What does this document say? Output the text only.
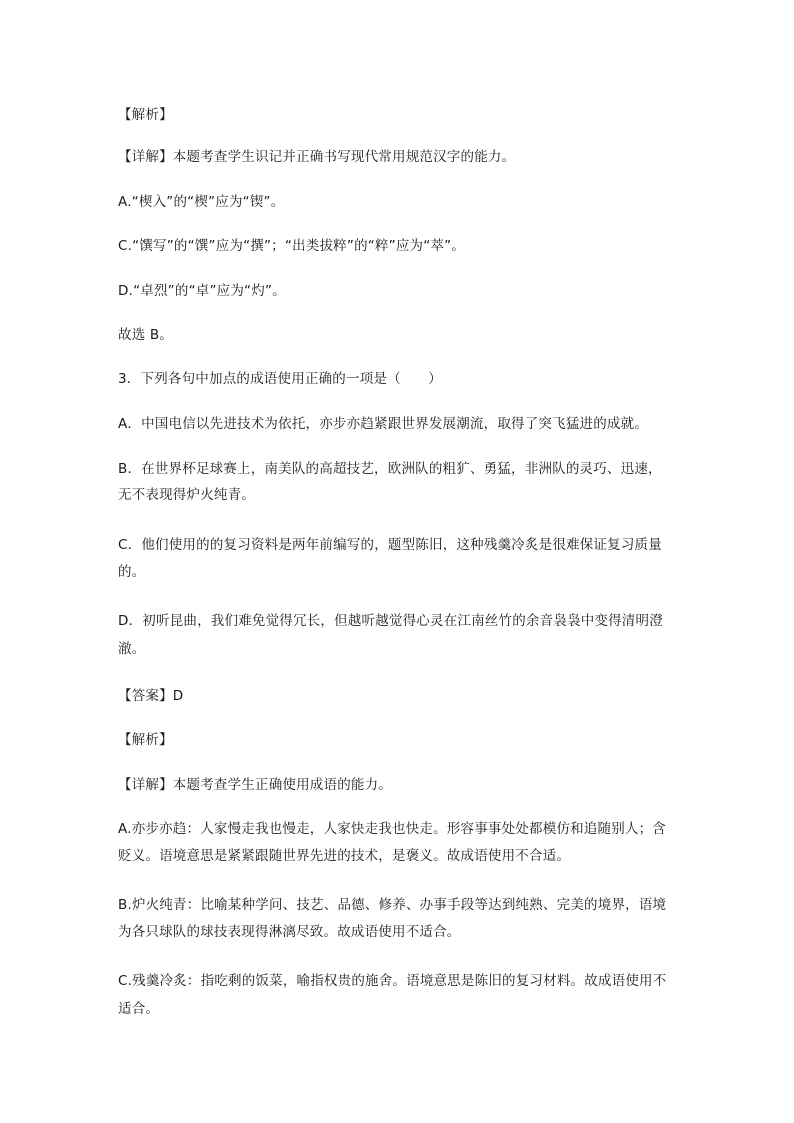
【解析】
【详解】本题考查学生识记并正确书写现代常用规范汉字的能力。
A.“楔入”的“楔”应为“锲”。
C.“馔写”的“馔”应为“撰”；“出类拔粹”的“粹”应为“萃”。
D.“卓烈”的“卓”应为“灼”。
故选 B。
3．下列各句中加点的成语使用正确的一项是（　　）
A．中国电信以先进技术为依托，亦步亦趋紧跟世界发展潮流，取得了突飞猛进的成就。
B．在世界杯足球赛上，南美队的高超技艺，欧洲队的粗犷、勇猛，非洲队的灵巧、迅速，
无不表现得炉火纯青。
C．他们使用的的复习资料是两年前编写的，题型陈旧，这种残羹冷炙是很难保证复习质量
的。
D．初听昆曲，我们难免觉得冗长，但越听越觉得心灵在江南丝竹的余音袅袅中变得清明澄
澈。
【答案】D
【解析】
【详解】本题考查学生正确使用成语的能力。
A.亦步亦趋：人家慢走我也慢走，人家快走我也快走。形容事事处处都模仿和追随别人；含
贬义。语境意思是紧紧跟随世界先进的技术，是褒义。故成语使用不合适。
B.炉火纯青：比喻某种学问、技艺、品德、修养、办事手段等达到纯熟、完美的境界，语境
为各只球队的球技表现得淋漓尽致。故成语使用不适合。
C.残羹冷炙：指吃剩的饭菜，喻指权贵的施舍。语境意思是陈旧的复习材料。故成语使用不
适合。
